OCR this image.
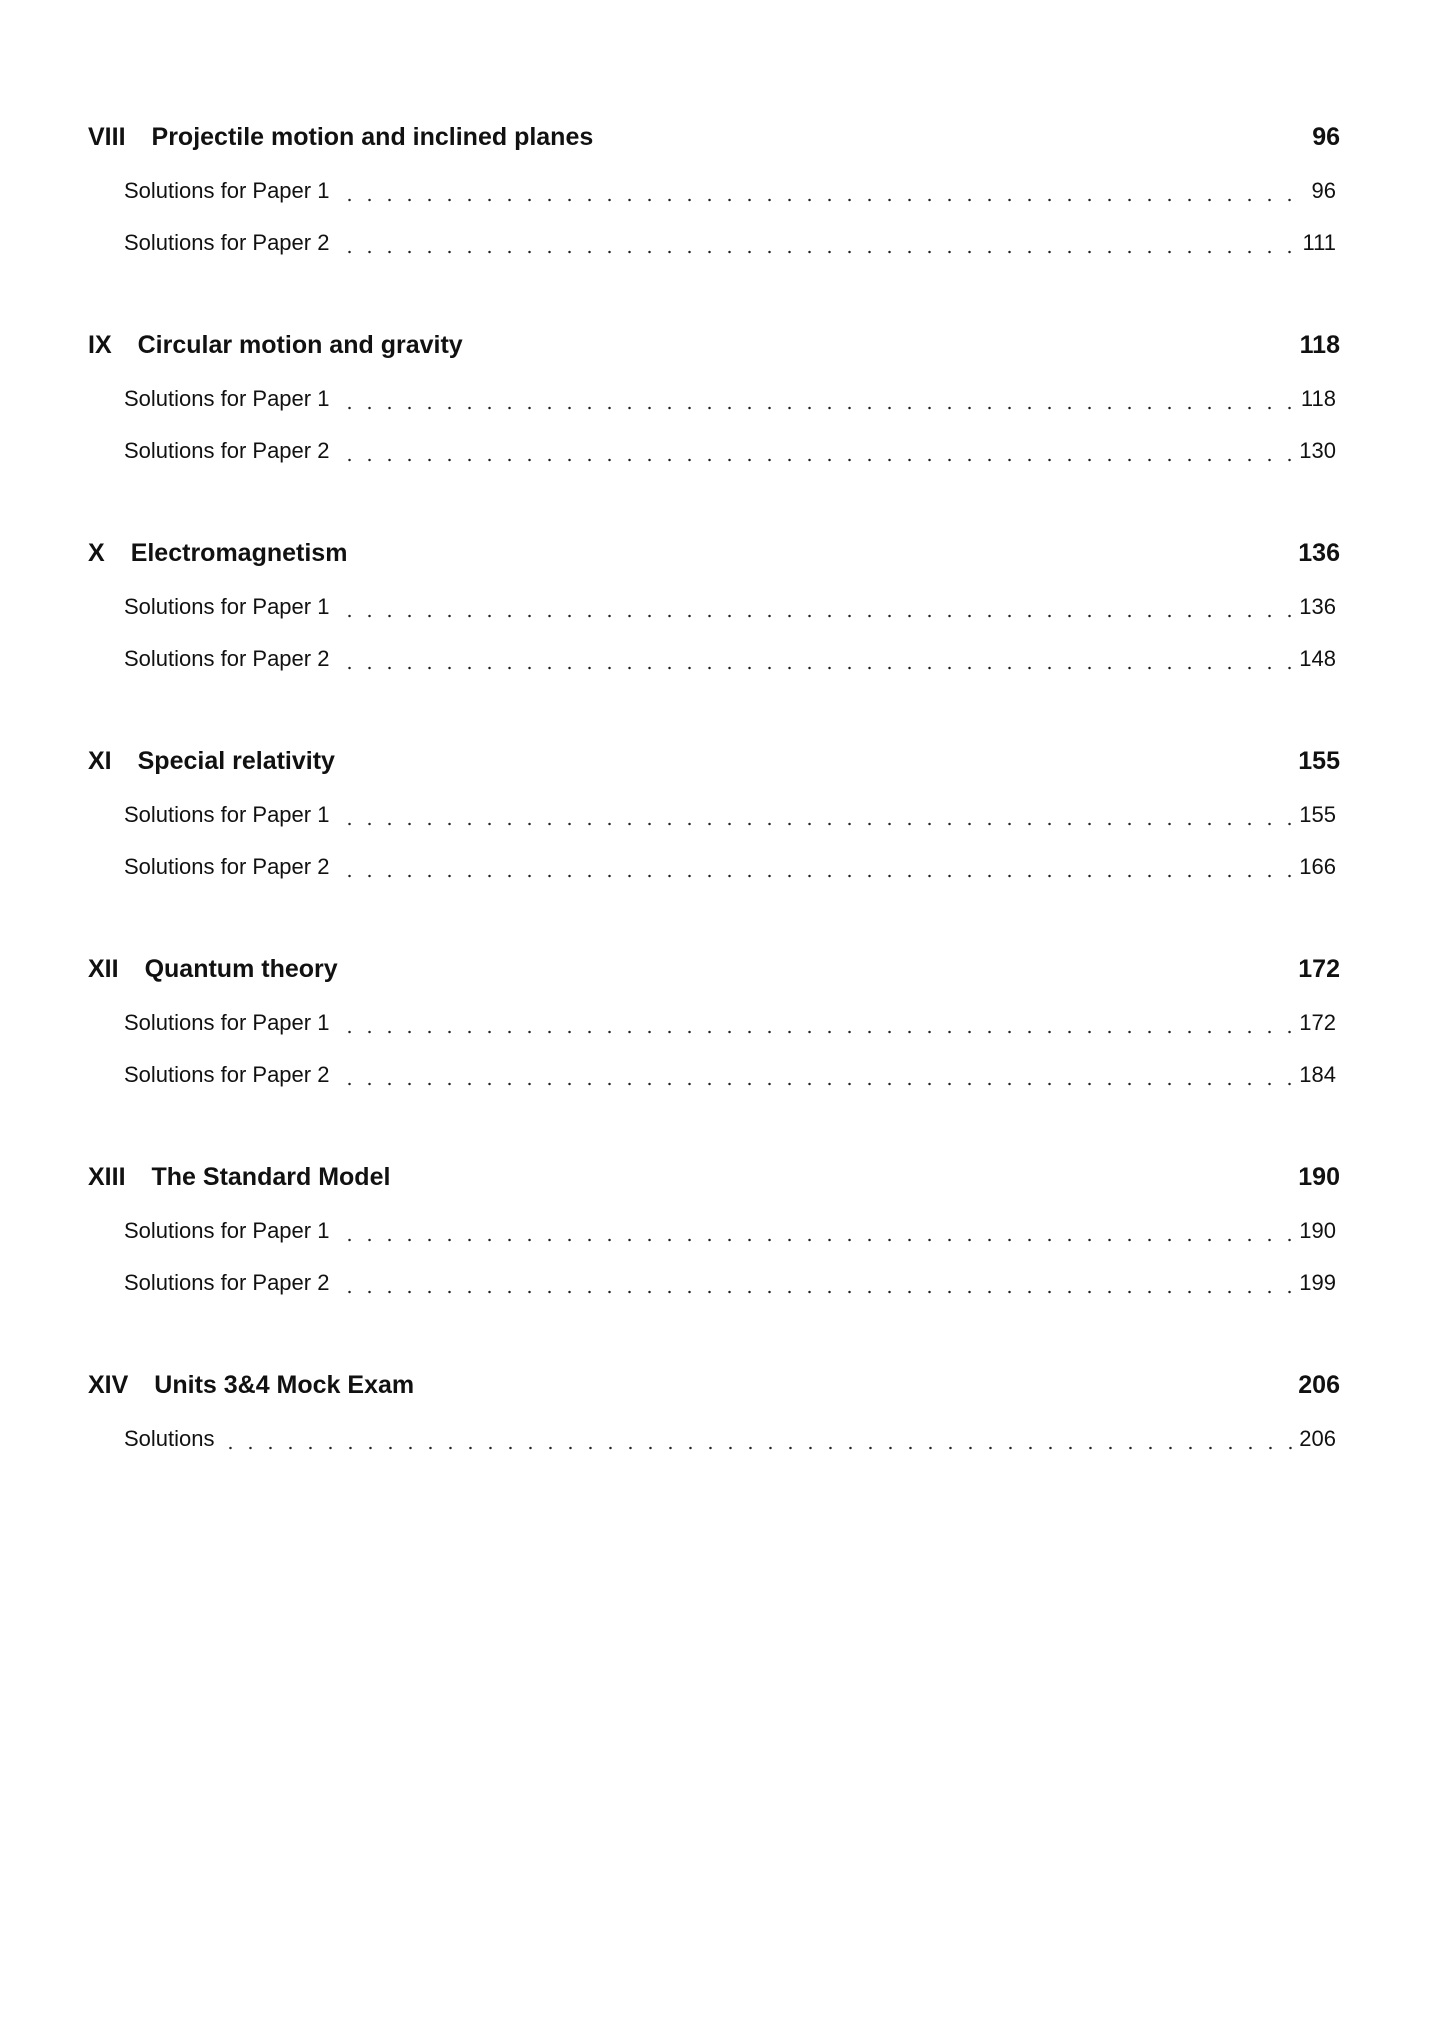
VIII Projectile motion and inclined planes	96
Solutions for Paper 1	96
Solutions for Paper 2	111
IX Circular motion and gravity	118
Solutions for Paper 1	118
Solutions for Paper 2	130
X Electromagnetism	136
Solutions for Paper 1	136
Solutions for Paper 2	148
XI Special relativity	155
Solutions for Paper 1	155
Solutions for Paper 2	166
XII Quantum theory	172
Solutions for Paper 1	172
Solutions for Paper 2	184
XIII The Standard Model	190
Solutions for Paper 1	190
Solutions for Paper 2	199
XIV Units 3&4 Mock Exam	206
Solutions	206
